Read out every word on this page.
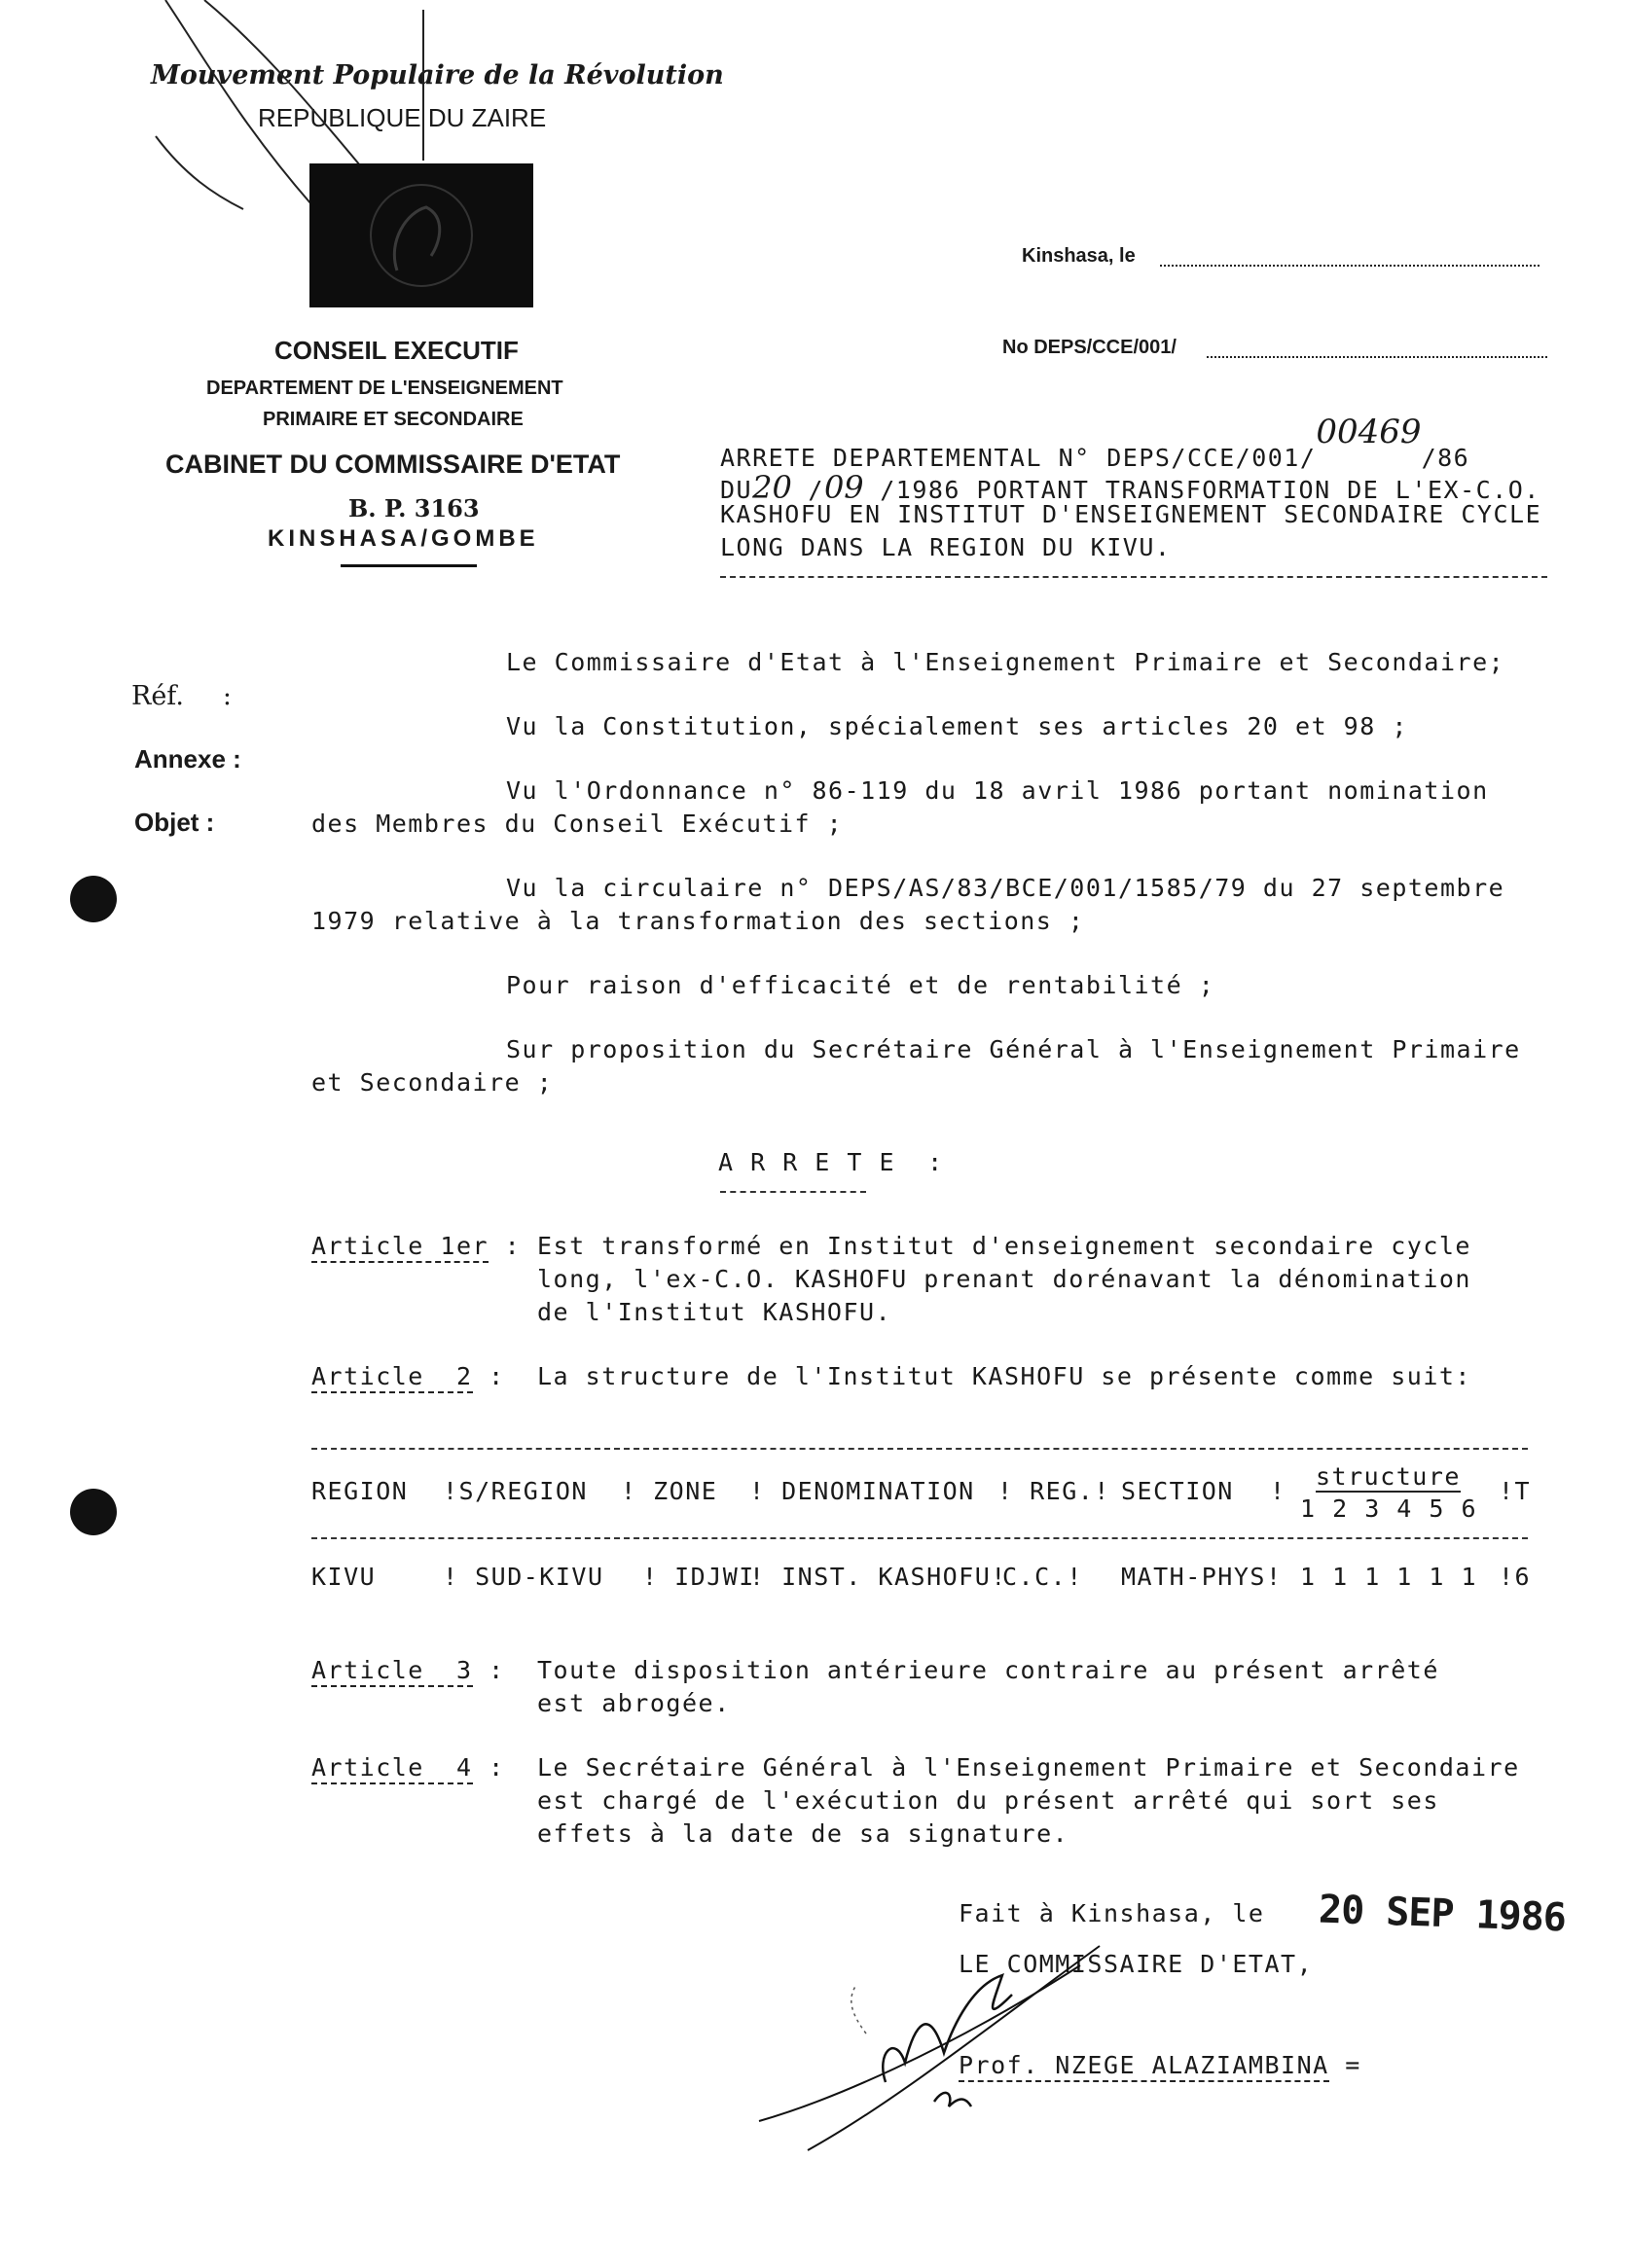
Mouvement Populaire de la Révolution
REPUBLIQUE DU ZAIRE
CONSEIL EXECUTIF
DEPARTEMENT DE L'ENSEIGNEMENT
PRIMAIRE ET SECONDAIRE
CABINET DU COMMISSAIRE D'ETAT
B. P. 3163
KINSHASA/GOMBE
Kinshasa, le
No DEPS/CCE/001/
ARRETE DEPARTEMENTAL N° DEPS/CCE/001/00469/86
DU20 /09 /1986 PORTANT TRANSFORMATION DE L'EX-C.O.
KASHOFU EN INSTITUT D'ENSEIGNEMENT SECONDAIRE CYCLE
LONG DANS LA REGION DU KIVU.
Réf. :
Annexe :
Objet :
Le Commissaire d'Etat à l'Enseignement Primaire et Secondaire;
Vu la Constitution, spécialement ses articles 20 et 98 ;
Vu l'Ordonnance n° 86-119 du 18 avril 1986 portant nomination
des Membres du Conseil Exécutif ;
Vu la circulaire n° DEPS/AS/83/BCE/001/1585/79 du 27 septembre
1979 relative à la transformation des sections ;
Pour raison d'efficacité et de rentabilité ;
Sur proposition du Secrétaire Général à l'Enseignement Primaire
et Secondaire ;
A R R E T E  :
Article 1er : Est transformé en Institut d'enseignement secondaire cycle
long, l'ex-C.O. KASHOFU prenant dorénavant la dénomination
de l'Institut KASHOFU.
Article  2 : La structure de l'Institut KASHOFU se présente comme suit:
REGION !S/REGION ! ZONE ! DENOMINATION ! REG.! SECTION !
structure
1 2 3 4 5 6
!T
KIVU	! SUD-KIVU ! IDJWI
! INST. KASHOFU!
C.C.! MATH-PHYS! 1 1 1 1 1 1 !6
Article  3 : Toute disposition antérieure contraire au présent arrêté
est abrogée.
Article  4 : Le Secrétaire Général à l'Enseignement Primaire et Secondaire
est chargé de l'exécution du présent arrêté qui sort ses
effets à la date de sa signature.
Fait à Kinshasa, le 20 SEP 1986
LE COMMISSAIRE D'ETAT,
Prof. NZEGE ALAZIAMBINA =
